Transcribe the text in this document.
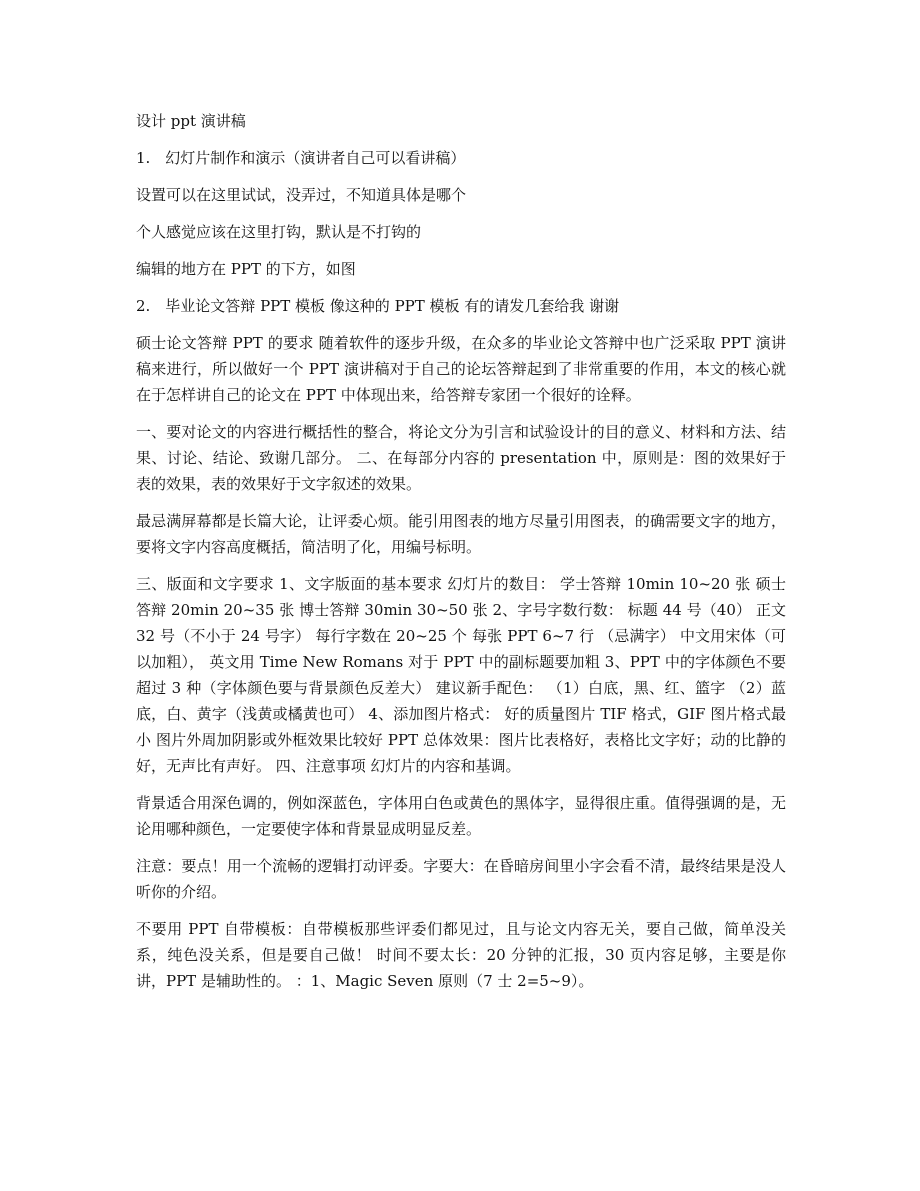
设计 ppt 演讲稿

1.　幻灯片制作和演示（演讲者自己可以看讲稿）

设置可以在这里试试，没弄过，不知道具体是哪个

个人感觉应该在这里打钩，默认是不打钩的

编辑的地方在 PPT 的下方，如图

2.　毕业论文答辩 PPT 模板 像这种的 PPT 模板 有的请发几套给我 谢谢

硕士论文答辩 PPT 的要求 随着软件的逐步升级，在众多的毕业论文答辩中也广泛采取 PPT 演讲稿来进行，所以做好一个 PPT 演讲稿对于自己的论坛答辩起到了非常重要的作用，本文的核心就在于怎样讲自己的论文在 PPT 中体现出来，给答辩专家团一个很好的诠释。

一、要对论文的内容进行概括性的整合，将论文分为引言和试验设计的目的意义、材料和方法、结果、讨论、结论、致谢几部分。 二、在每部分内容的 presentation 中，原则是：图的效果好于表的效果，表的效果好于文字叙述的效果。

最忌满屏幕都是长篇大论，让评委心烦。能引用图表的地方尽量引用图表，的确需要文字的地方，要将文字内容高度概括，简洁明了化，用编号标明。

三、版面和文字要求 1、文字版面的基本要求 幻灯片的数目： 学士答辩 10min 10~20 张 硕士答辩 20min 20~35 张 博士答辩 30min 30~50 张 2、字号字数行数： 标题 44 号（40） 正文 32 号（不小于 24 号字） 每行字数在 20~25 个 每张 PPT 6~7 行 （忌满字） 中文用宋体（可以加粗）， 英文用 Time New Romans 对于 PPT 中的副标题要加粗 3、PPT 中的字体颜色不要超过 3 种（字体颜色要与背景颜色反差大） 建议新手配色： （1）白底，黑、红、篮字 （2）蓝底，白、黄字（浅黄或橘黄也可） 4、添加图片格式： 好的质量图片 TIF 格式，GIF 图片格式最小 图片外周加阴影或外框效果比较好 PPT 总体效果：图片比表格好，表格比文字好；动的比静的好，无声比有声好。 四、注意事项 幻灯片的内容和基调。

背景适合用深色调的，例如深蓝色，字体用白色或黄色的黑体字，显得很庄重。值得强调的是，无论用哪种颜色，一定要使字体和背景显成明显反差。

注意：要点！用一个流畅的逻辑打动评委。字要大：在昏暗房间里小字会看不清，最终结果是没人听你的介绍。

不要用 PPT 自带模板：自带模板那些评委们都见过，且与论文内容无关，要自己做，简单没关系，纯色没关系，但是要自己做！ 时间不要太长：20 分钟的汇报，30 页内容足够，主要是你讲，PPT 是辅助性的。 ：1、Magic Seven 原则（7 士 2=5~9）。
